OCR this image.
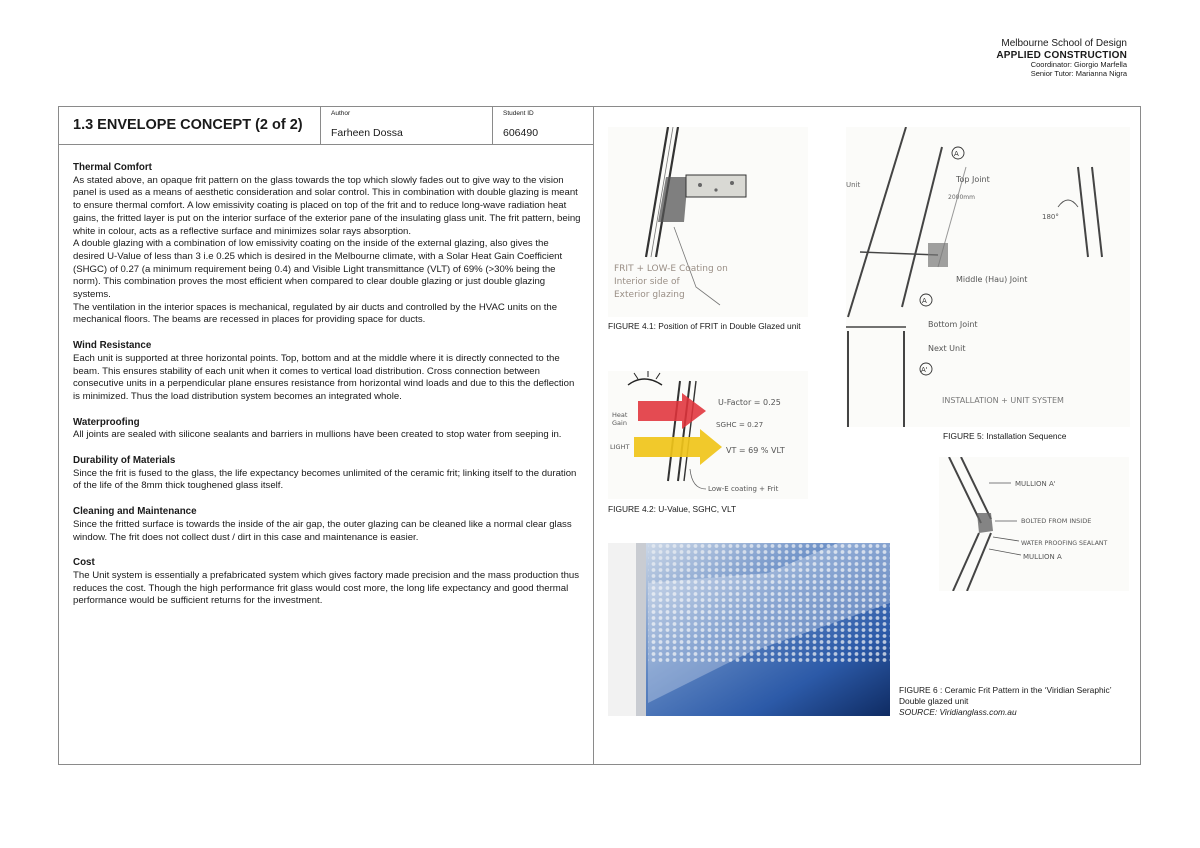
Melbourne School of Design
APPLIED CONSTRUCTION
Coordinator: Giorgio Marfella
Senior Tutor: Marianna Nigra
1.3 ENVELOPE CONCEPT (2 of 2)
Author
Farheen Dossa
Student ID
606490
Thermal Comfort

As stated above, an opaque frit pattern on the glass towards the top which slowly fades out to give way to the vision panel is used as a means of aesthetic consideration and solar control. This in combination with double glazing is meant to ensure thermal comfort. A low emissivity coating is placed on top of the frit and to reduce long-wave radiation heat gains, the fritted layer is put on the interior surface of the exterior pane of the insulating glass unit. The frit pattern, being white in colour, acts as a reflective surface and minimizes solar rays absorption.

A double glazing with a combination of low emissivity coating on the inside of the external glazing, also gives the desired U-Value of less than 3 i.e 0.25 which is desired in the Melbourne climate, with a Solar Heat Gain Coefficient (SHGC) of 0.27 (a minimum requirement being 0.4) and Visible Light transmittance (VLT) of 69% (>30% being the norm). This combination proves the most efficient when compared to clear double glazing or just double glazing systems.

The ventilation in the interior spaces is mechanical, regulated by air ducts and controlled by the HVAC units on the mechanical floors. The beams are recessed in places for providing space for ducts.

Wind Resistance

Each unit is supported at three horizontal points. Top, bottom and at the middle where it is directly connected to the beam. This ensures stability of each unit when it comes to vertical load distribution. Cross connection between consecutive units in a perpendicular plane ensures resistance from horizontal wind loads and due to this the deflection is minimized. Thus the load distribution system becomes an integrated whole.

Waterproofing

All joints are sealed with silicone sealants and barriers in mullions have been created to stop water from seeping in.

Durability of Materials

Since the frit is fused to the glass, the life expectancy becomes unlimited of the ceramic frit; linking itself to the duration of the life of the 8mm thick toughened glass itself.

Cleaning and Maintenance

Since the fritted surface is towards the inside of the air gap, the outer glazing can be cleaned like a normal clear glass window. The frit does not collect dust / dirt in this case and maintenance is easier.

Cost

The Unit system is essentially a prefabricated system which gives factory made precision and the mass production thus reduces the cost. Though the high performance frit glass would cost more, the long life expectancy and good thermal performance would be sufficient returns for the investment.

FRIT + LOW-E Coating on
Interior side of
Exterior glazing
FIGURE 4.1: Position of FRIT in Double Glazed unit
Heat
Gain
LIGHT
U-Factor = 0.25
SGHC = 0.27
VT = 69 % VLT
Low-E coating + Frit
FIGURE 4.2: U-Value, SGHC, VLT
A
A
A'
Unit
2000mm
Top Joint
Middle (Hau) Joint
Bottom Joint
Next Unit
INSTALLATION + UNIT SYSTEM
180°
FIGURE 5: Installation Sequence
MULLION A'
BOLTED FROM INSIDE
WATER PROOFING SEALANT
MULLION A
FIGURE 6 : Ceramic Frit Pattern in the ‘Viridian Seraphic’
Double glazed unit
SOURCE: Viridianglass.com.au
